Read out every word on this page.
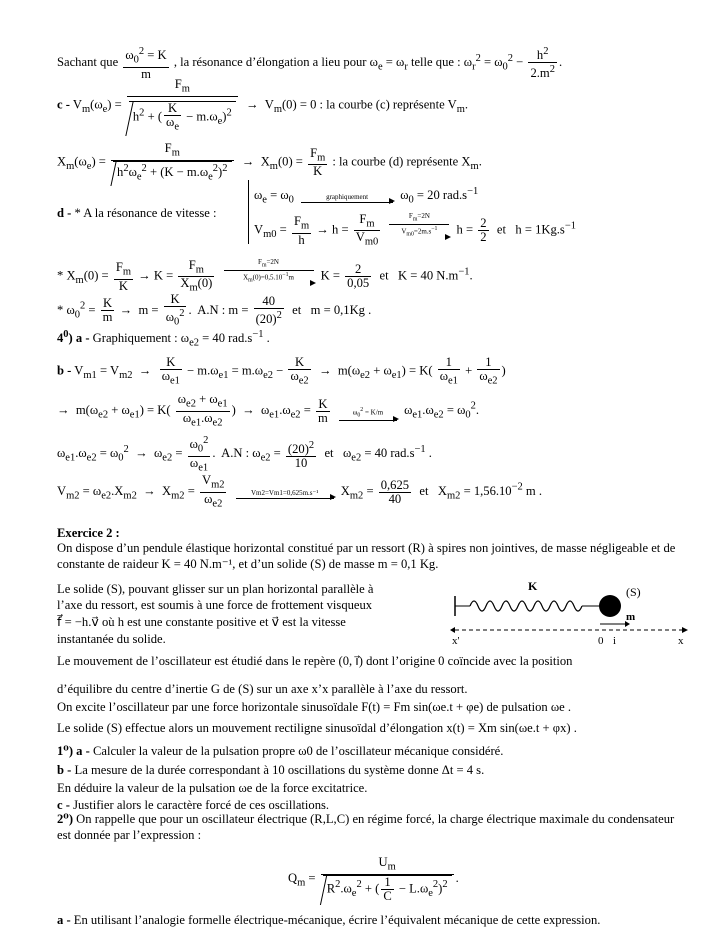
Sachant que $\frac{\omega_0^2 = K}{m}$ , la résonance d’élongation a lieu pour $\omega_e = \omega_r$ telle que : $\omega_r^2 = \omega_0^2 - \frac{h^2}{2.m^2}$ .
$c - V_m(\omega_e) = \frac{F_m}{h^2 + ( \frac{K}{\omega_e} - m.\omega_e)^2} \to V_m(0) = 0$ : la courbe (c) représente $V_m$.
$X_m(\omega_e) = \frac{F_m}{h^2\omega_e^2 + (K - m.\omega_e^2)^2} \to X_m(0) = \frac{F_m}{K}$ : la courbe (d) représente $X_m$.
d - * A la résonance de vitesse :
$\omega_e = \omega_0$	graphiquement	$\omega_0 = 20$ $rad.s^{-1}$
$V_{m0} = \frac{F_m}{h} \to h = \frac{F_m}{V_{m0}}$
$\frac{F_m=2N}{V_{m0}=2m.s^{-1}}$ $h = \frac{2}{2}$ et   $h = 1Kg.s^{-1}$
* $X_m(0) = \frac{F_m}{K} \to K = \frac{F_m}{X_m(0)}$
$\frac{F_m=2N}{X_m(0)=0,5.10^{-1}m}$ $K = \frac{2}{0,05}$ et   K = 40 $N.m^{-1}$.
* $\omega_0^2 = \frac{K}{m} \to m = \frac{K}{\omega_0^2}$ .  A.N : $m = \frac{40}{(20)^2}$ et   m = 0,1Kg .
$4^0$) a - Graphiquement : $\omega_{e2} = 40$ $rad.s^{-1}$ .
$b - V_{m1} = V_{m2} \to \frac{K}{\omega_{e1}} - m.\omega_{e1} = m.\omega_{e2} - \frac{K}{\omega_{e2}} \to m(\omega_{e2} + \omega_{e1}) = K( \frac{1}{\omega_{e1}} + \frac{1}{\omega_{e2}}$ )
→  $m(\omega_{e2} + \omega_{e1}) = K( \frac{\omega_{e2} + \omega_{e1}}{\omega_{e1}.\omega_{e2}}$ )  →  $\omega_{e1}.\omega_{e2} = \frac{K}{m}$
	$\omega_0^2 = K/m$	$\omega_{e1}.\omega_{e2} = \omega_0^2$.
$\omega_{e1}.\omega_{e2} = \omega_0^2 \to \omega_{e2} = \frac{\omega_0^2}{\omega_{e1}}$ .  A.N : $\omega_{e2} = \frac{(20)^2}{10}$ et   $\omega_{e2} = 40$ $rad.s^{-1}$ .
$V_{m2} = \omega_{e2}.X_{m2} \to X_{m2} = \frac{V_{m2}}{\omega_{e2}}$
	Vm2=Vm1=0,625m.s⁻¹	$X_{m2} = \frac{0,625}{40}$ et   $X_{m2} = 1,56.10^{-2}$ m .
Exercice 2 :
On dispose d’un pendule élastique horizontal constitué par un ressort (R) à spires non jointives, de masse négligeable et de constante de raideur K = 40 N.m⁻¹, et d’un solide (S) de masse m = 0,1 Kg.
Le solide (S), pouvant glisser sur un plan horizontal parallèle à
l’axe du ressort, est soumis à une force de frottement visqueux
f⃗ = −h.v⃗ où h est une constante positive et v⃗ est la vitesse
instantanée du solide.
K	(S)
m
x'	0 i	x
Le mouvement de l’oscillateur est étudié dans le repère (0, i⃗) dont l’origine 0 coïncide avec la position
d’équilibre du centre d’inertie G de (S) sur un axe x’x parallèle à l’axe du ressort.
On excite l’oscillateur par une force horizontale sinusoïdale F(t) = Fm sin(ωe.t + φe) de pulsation ωe .
Le solide (S) effectue alors un mouvement rectiligne sinusoïdal d’élongation x(t) = Xm sin(ωe.t + φx) .
1⁰) a - Calculer la valeur de la pulsation propre ω0 de l’oscillateur mécanique considéré.
b - La mesure de la durée correspondant à 10 oscillations du système donne Δt = 4 s.
En déduire la valeur de la pulsation ωe de la force excitatrice.
c - Justifier alors le caractère forcé de ces oscillations.
2⁰) On rappelle que pour un oscillateur électrique (R,L,C) en régime forcé, la charge électrique maximale du condensateur est donnée par l’expression :
$Q_m = \frac{U_m}{R^2.\omega_e^2 + ( \frac{1}{C} - L.\omega_e^2)^2}$ .
a - En utilisant l’analogie formelle électrique-mécanique, écrire l’équivalent mécanique de cette expression.
